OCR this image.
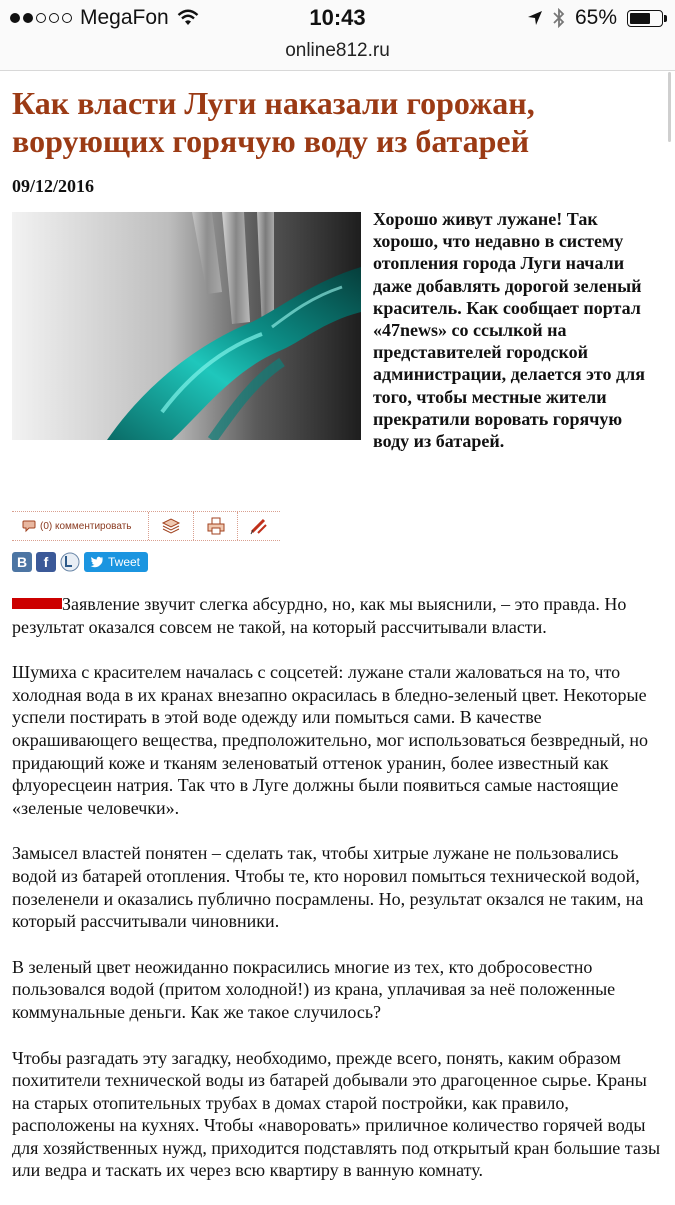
MegaFon	10:43	65%
online812.ru
Как власти Луги наказали горожан, ворующих горячую воду из батарей
09/12/2016
Хорошо живут лужане! Так хорошо, что недавно в систему отопления города Луги начали даже добавлять дорогой зеленый краситель. Как сообщает портал «47news» со ссылкой на представителей городской администрации, делается это для того, чтобы местные жители прекратили воровать горячую воду из батарей.
(0) комментировать
В	f	Tweet

Заявление звучит слегка абсурдно, но, как мы выяснили, – это правда. Но результат оказался совсем не такой, на который рассчитывали власти.

Шумиха с красителем началась с соцсетей: лужане стали жаловаться на то, что холодная вода в их кранах внезапно окрасилась в бледно-зеленый цвет. Некоторые успели постирать в этой воде одежду или помыться сами. В качестве окрашивающего вещества, предположительно, мог использоваться безвредный, но придающий коже и тканям зеленоватый оттенок уранин, более известный как флуоресцеин натрия. Так что в Луге должны были появиться самые настоящие «зеленые человечки».

Замысел властей понятен – сделать так, чтобы хитрые лужане не пользовались водой из батарей отопления. Чтобы те, кто норовил помыться технической водой, позеленели и оказались публично посрамлены. Но, результат окзался не таким, на который рассчитывали чиновники.

В зеленый цвет неожиданно покрасились многие из тех, кто добросовестно пользовался водой (притом холодной!) из крана, уплачивая за неё положенные коммунальные деньги. Как же такое случилось?

Чтобы разгадать эту загадку, необходимо, прежде всего, понять, каким образом похитители технической воды из батарей добывали это драгоценное сырье. Краны на старых отопительных трубах в домах старой постройки, как правило, расположены на кухнях. Чтобы «наворовать» приличное количество горячей воды для хозяйственных нужд, приходится подставлять под открытый кран большие тазы или ведра и таскать их через всю квартиру в ванную комнату.
